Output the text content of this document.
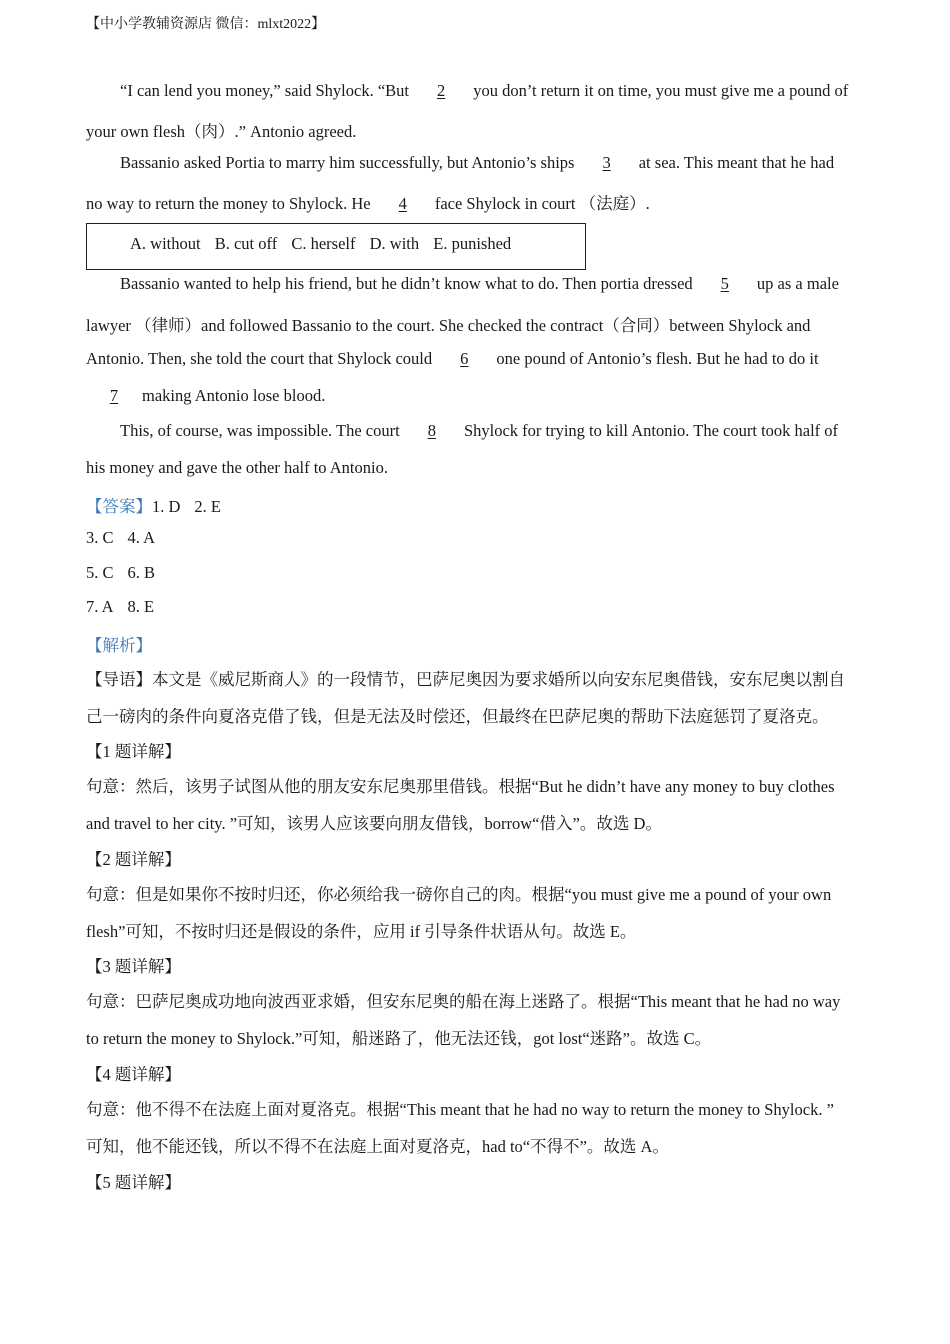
【中小学教辅资源店 微信：mlxt2022】
“I can lend you money,” said Shylock. “But 2 you don’t return it on time, you must give me a pound of
your own flesh（肉）.” Antonio agreed.
Bassanio asked Portia to marry him successfully, but Antonio’s ships 3 at sea. This meant that he had
no way to return the money to Shylock. He 4 face Shylock in court （法庭）.
A. without B. cut off C. herself D. with E. punished
Bassanio wanted to help his friend, but he didn’t know what to do. Then portia dressed 5 up as a male
lawyer （律师）and followed Bassanio to the court. She checked the contract（合同）between Shylock and
Antonio. Then, she told the court that Shylock could 6 one pound of Antonio’s flesh. But he had to do it
7 making Antonio lose blood.
This, of course, was impossible. The court 8 Shylock for trying to kill Antonio. The court took half of
his money and gave the other half to Antonio.
【答案】1. D 2. E
3. C 4. A
5. C 6. B
7. A 8. E
【解析】
【导语】本文是《威尼斯商人》的一段情节，巴萨尼奥因为要求婚所以向安东尼奥借钱，安东尼奥以割自
己一磅肉的条件向夏洛克借了钱，但是无法及时偿还，但最终在巴萨尼奥的帮助下法庭惩罚了夏洛克。
【1 题详解】
句意：然后，该男子试图从他的朋友安东尼奥那里借钱。根据“But he didn’t have any money to buy clothes
and travel to her city. ”可知，该男人应该要向朋友借钱，borrow“借入”。故选 D。
【2 题详解】
句意：但是如果你不按时归还，你必须给我一磅你自己的肉。根据“you must give me a pound of your own
flesh”可知，不按时归还是假设的条件，应用 if 引导条件状语从句。故选 E。
【3 题详解】
句意：巴萨尼奥成功地向波西亚求婚，但安东尼奥的船在海上迷路了。根据“This meant that he had no way
to return the money to Shylock.”可知，船迷路了，他无法还钱，got lost“迷路”。故选 C。
【4 题详解】
句意：他不得不在法庭上面对夏洛克。根据“This meant that he had no way to return the money to Shylock. ”
可知，他不能还钱，所以不得不在法庭上面对夏洛克，had to“不得不”。故选 A。
【5 题详解】
